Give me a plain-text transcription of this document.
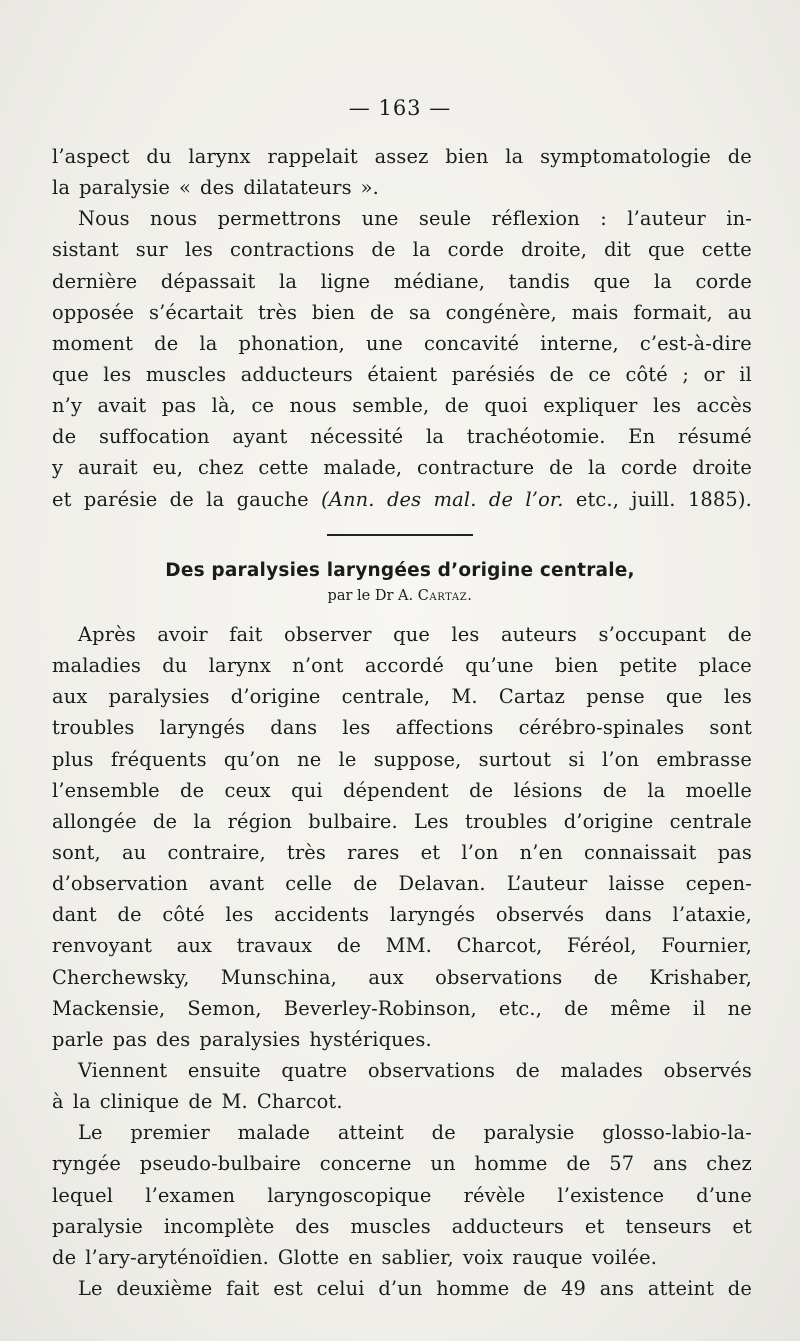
— 163 —
l’aspect du larynx rappelait assez bien la symptomatologie de
la paralysie « des dilatateurs ».
Nous nous permettrons une seule réflexion : l’auteur in-
sistant sur les contractions de la corde droite, dit que cette
dernière dépassait la ligne médiane, tandis que la corde
opposée s’écartait très bien de sa congénère, mais formait, au
moment de la phonation, une concavité interne, c’est-à-dire
que les muscles adducteurs étaient parésiés de ce côté ; or il
n’y avait pas là, ce nous semble, de quoi expliquer les accès
de suffocation ayant nécessité la trachéotomie. En résumé
y aurait eu, chez cette malade, contracture de la corde droite
et parésie de la gauche (Ann. des mal. de l’or. etc., juill. 1885).
Des paralysies laryngées d’origine centrale,
par le Dr A. Cartaz.
Après avoir fait observer que les auteurs s’occupant de
maladies du larynx n’ont accordé qu’une bien petite place
aux paralysies d’origine centrale, M. Cartaz pense que les
troubles laryngés dans les affections cérébro-spinales sont
plus fréquents qu’on ne le suppose, surtout si l’on embrasse
l’ensemble de ceux qui dépendent de lésions de la moelle
allongée de la région bulbaire. Les troubles d’origine centrale
sont, au contraire, très rares et l’on n’en connaissait pas
d’observation avant celle de Delavan. L’auteur laisse cepen-
dant de côté les accidents laryngés observés dans l’ataxie,
renvoyant aux travaux de MM. Charcot, Féréol, Fournier,
Cherchewsky, Munschina, aux observations de Krishaber,
Mackensie, Semon, Beverley-Robinson, etc., de même il ne
parle pas des paralysies hystériques.
Viennent ensuite quatre observations de malades observés
à la clinique de M. Charcot.
Le premier malade atteint de paralysie glosso-labio-la-
ryngée pseudo-bulbaire concerne un homme de 57 ans chez
lequel l’examen laryngoscopique révèle l’existence d’une
paralysie incomplète des muscles adducteurs et tenseurs et
de l’ary-aryténoïdien. Glotte en sablier, voix rauque voilée.
Le deuxième fait est celui d’un homme de 49 ans atteint de
